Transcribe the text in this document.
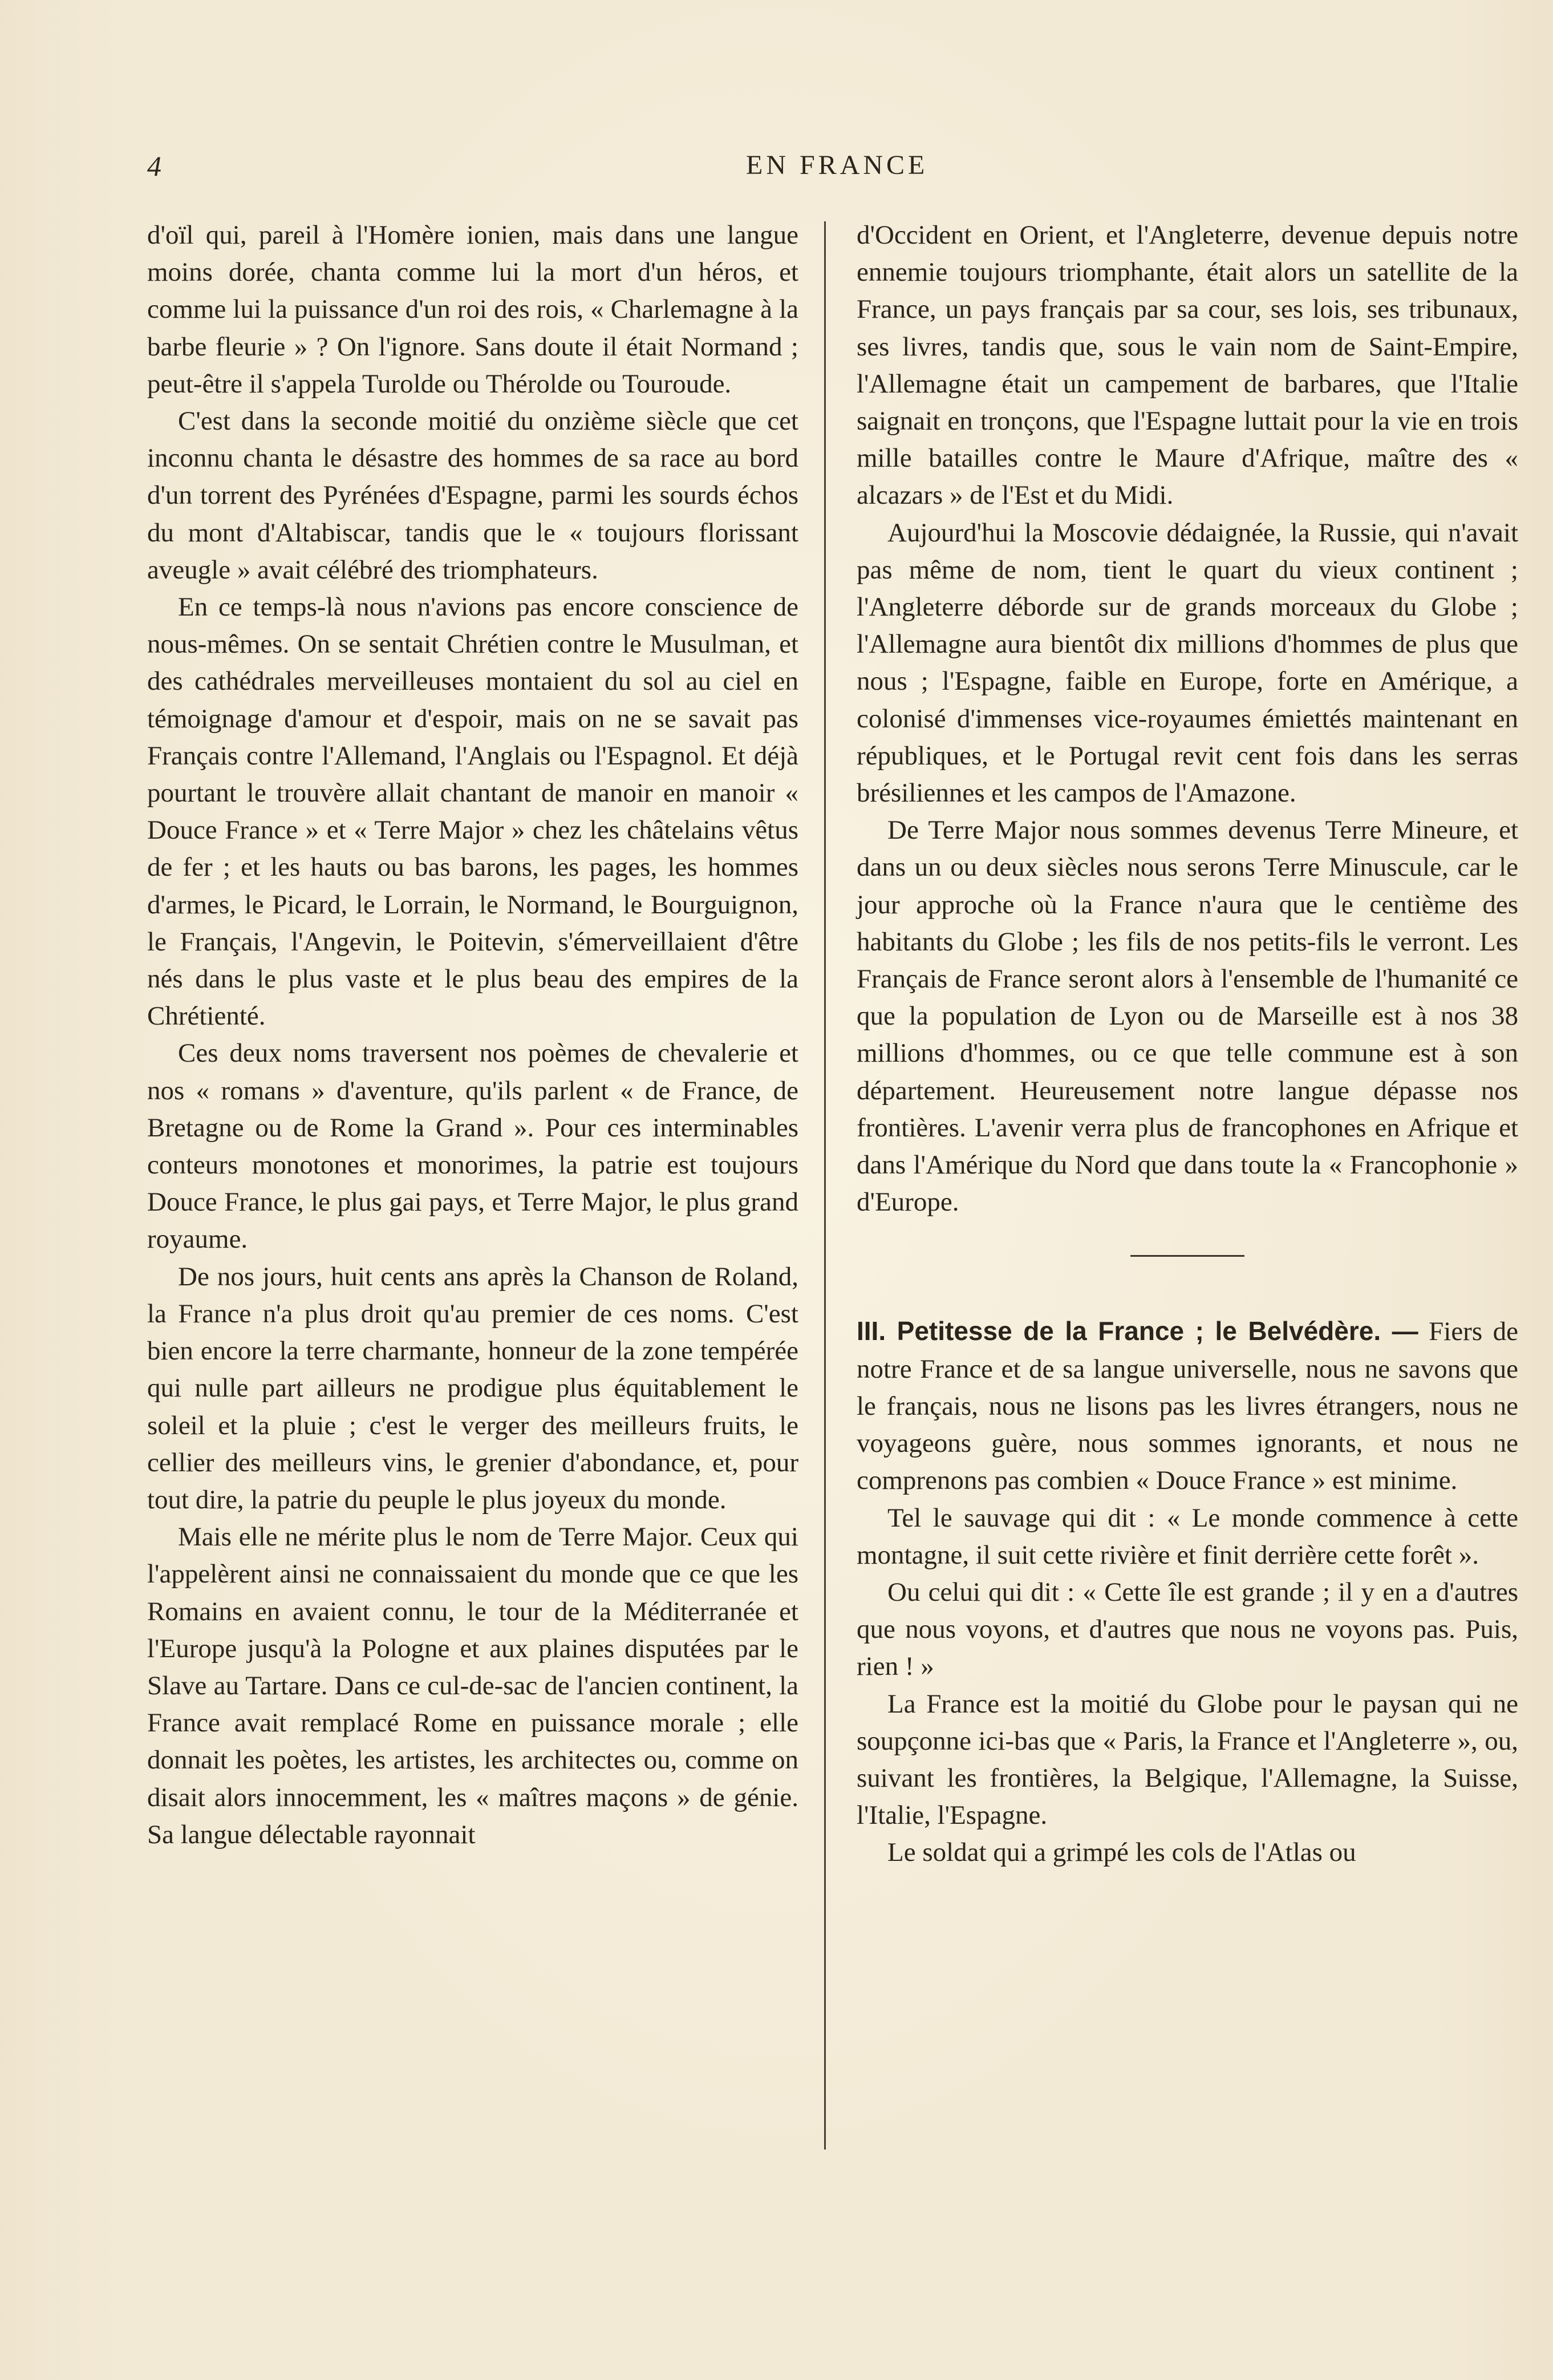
4	EN FRANCE

d'oïl qui, pareil à l'Homère ionien, mais dans une langue moins dorée, chanta comme lui la mort d'un héros, et comme lui la puissance d'un roi des rois, « Charlemagne à la barbe fleurie » ? On l'ignore. Sans doute il était Normand ; peut-être il s'appela Turolde ou Thérolde ou Touroude.

C'est dans la seconde moitié du onzième siècle que cet inconnu chanta le désastre des hommes de sa race au bord d'un torrent des Pyrénées d'Espagne, parmi les sourds échos du mont d'Altabiscar, tandis que le « toujours florissant aveugle » avait célébré des triomphateurs.

En ce temps-là nous n'avions pas encore conscience de nous-mêmes. On se sentait Chrétien contre le Musulman, et des cathédrales merveilleuses montaient du sol au ciel en témoignage d'amour et d'espoir, mais on ne se savait pas Français contre l'Allemand, l'Anglais ou l'Espagnol. Et déjà pourtant le trouvère allait chantant de manoir en manoir « Douce France » et « Terre Major » chez les châtelains vêtus de fer ; et les hauts ou bas barons, les pages, les hommes d'armes, le Picard, le Lorrain, le Normand, le Bourguignon, le Français, l'Angevin, le Poitevin, s'émerveillaient d'être nés dans le plus vaste et le plus beau des empires de la Chrétienté.

Ces deux noms traversent nos poèmes de chevalerie et nos « romans » d'aventure, qu'ils parlent « de France, de Bretagne ou de Rome la Grand ». Pour ces interminables conteurs monotones et monorimes, la patrie est toujours Douce France, le plus gai pays, et Terre Major, le plus grand royaume.

De nos jours, huit cents ans après la Chanson de Roland, la France n'a plus droit qu'au premier de ces noms. C'est bien encore la terre charmante, honneur de la zone tempérée qui nulle part ailleurs ne prodigue plus équitablement le soleil et la pluie ; c'est le verger des meilleurs fruits, le cellier des meilleurs vins, le grenier d'abondance, et, pour tout dire, la patrie du peuple le plus joyeux du monde.

Mais elle ne mérite plus le nom de Terre Major. Ceux qui l'appelèrent ainsi ne connaissaient du monde que ce que les Romains en avaient connu, le tour de la Méditerranée et l'Europe jusqu'à la Pologne et aux plaines disputées par le Slave au Tartare. Dans ce cul-de-sac de l'ancien continent, la France avait remplacé Rome en puissance morale ; elle donnait les poètes, les artistes, les architectes ou, comme on disait alors innocemment, les « maîtres maçons » de génie. Sa langue délectable rayonnait

d'Occident en Orient, et l'Angleterre, devenue depuis notre ennemie toujours triomphante, était alors un satellite de la France, un pays français par sa cour, ses lois, ses tribunaux, ses livres, tandis que, sous le vain nom de Saint-Empire, l'Allemagne était un campement de barbares, que l'Italie saignait en tronçons, que l'Espagne luttait pour la vie en trois mille batailles contre le Maure d'Afrique, maître des « alcazars » de l'Est et du Midi.

Aujourd'hui la Moscovie dédaignée, la Russie, qui n'avait pas même de nom, tient le quart du vieux continent ; l'Angleterre déborde sur de grands morceaux du Globe ; l'Allemagne aura bientôt dix millions d'hommes de plus que nous ; l'Espagne, faible en Europe, forte en Amérique, a colonisé d'immenses vice-royaumes émiettés maintenant en républiques, et le Portugal revit cent fois dans les serras brésiliennes et les campos de l'Amazone.

De Terre Major nous sommes devenus Terre Mineure, et dans un ou deux siècles nous serons Terre Minuscule, car le jour approche où la France n'aura que le centième des habitants du Globe ; les fils de nos petits-fils le verront. Les Français de France seront alors à l'ensemble de l'humanité ce que la population de Lyon ou de Marseille est à nos 38 millions d'hommes, ou ce que telle commune est à son département. Heureusement notre langue dépasse nos frontières. L'avenir verra plus de francophones en Afrique et dans l'Amérique du Nord que dans toute la « Francophonie » d'Europe.

III. Petitesse de la France ; le Belvédère. — Fiers de notre France et de sa langue universelle, nous ne savons que le français, nous ne lisons pas les livres étrangers, nous ne voyageons guère, nous sommes ignorants, et nous ne comprenons pas combien « Douce France » est minime.

Tel le sauvage qui dit : « Le monde commence à cette montagne, il suit cette rivière et finit derrière cette forêt ».

Ou celui qui dit : « Cette île est grande ; il y en a d'autres que nous voyons, et d'autres que nous ne voyons pas. Puis, rien ! »

La France est la moitié du Globe pour le paysan qui ne soupçonne ici-bas que « Paris, la France et l'Angleterre », ou, suivant les frontières, la Belgique, l'Allemagne, la Suisse, l'Italie, l'Espagne.

Le soldat qui a grimpé les cols de l'Atlas ou
